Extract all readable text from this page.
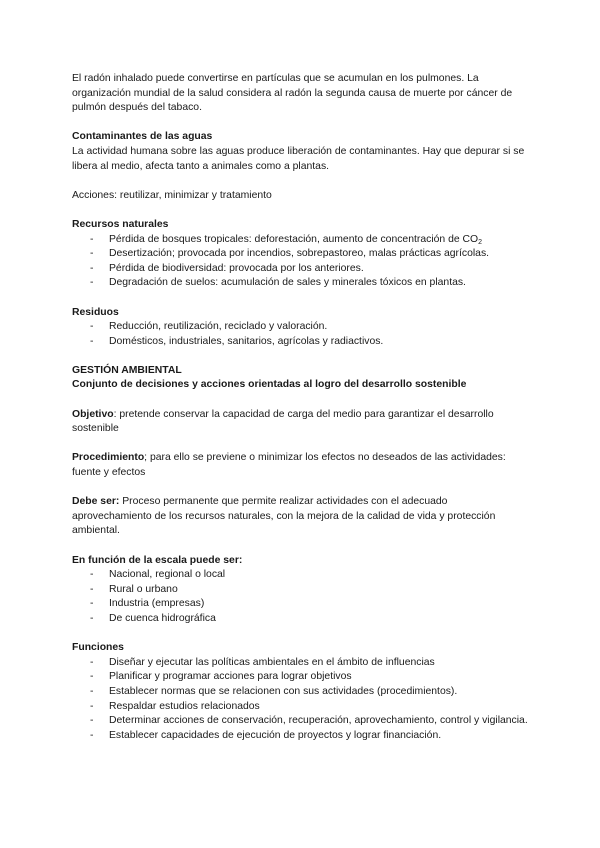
El radón inhalado puede convertirse en partículas que se acumulan en los pulmones. La organización mundial de la salud considera al radón la segunda causa de muerte por cáncer de pulmón después del tabaco.

Contaminantes de las aguas

La actividad humana sobre las aguas produce liberación de contaminantes. Hay que depurar si se libera al medio, afecta tanto a animales como a plantas.

Acciones: reutilizar, minimizar y tratamiento

Recursos naturales

- Pérdida de bosques tropicales: deforestación, aumento de concentración de $CO_2$
- Desertización; provocada por incendios, sobrepastoreo, malas prácticas agrícolas.
- Pérdida de biodiversidad: provocada por los anteriores.
- Degradación de suelos: acumulación de sales y minerales tóxicos en plantas.

Residuos

- Reducción, reutilización, reciclado y valoración.
- Domésticos, industriales, sanitarios, agrícolas y radiactivos.

GESTIÓN AMBIENTAL

Conjunto de decisiones y acciones orientadas al logro del desarrollo sostenible

Objetivo: pretende conservar la capacidad de carga del medio para garantizar el desarrollo sostenible

Procedimiento; para ello se previene o minimizar los efectos no deseados de las actividades: fuente y efectos

Debe ser: Proceso permanente que permite realizar actividades con el adecuado aprovechamiento de los recursos naturales, con la mejora de la calidad de vida y protección ambiental.

En función de la escala puede ser:

- Nacional, regional o local
- Rural o urbano
- Industria (empresas)
- De cuenca hidrográfica

Funciones

- Diseñar y ejecutar las políticas ambientales en el ámbito de influencias
- Planificar y programar acciones para lograr objetivos
- Establecer normas que se relacionen con sus actividades (procedimientos).
- Respaldar estudios relacionados
- Determinar acciones de conservación, recuperación, aprovechamiento, control y vigilancia.
- Establecer capacidades de ejecución de proyectos y lograr financiación.
